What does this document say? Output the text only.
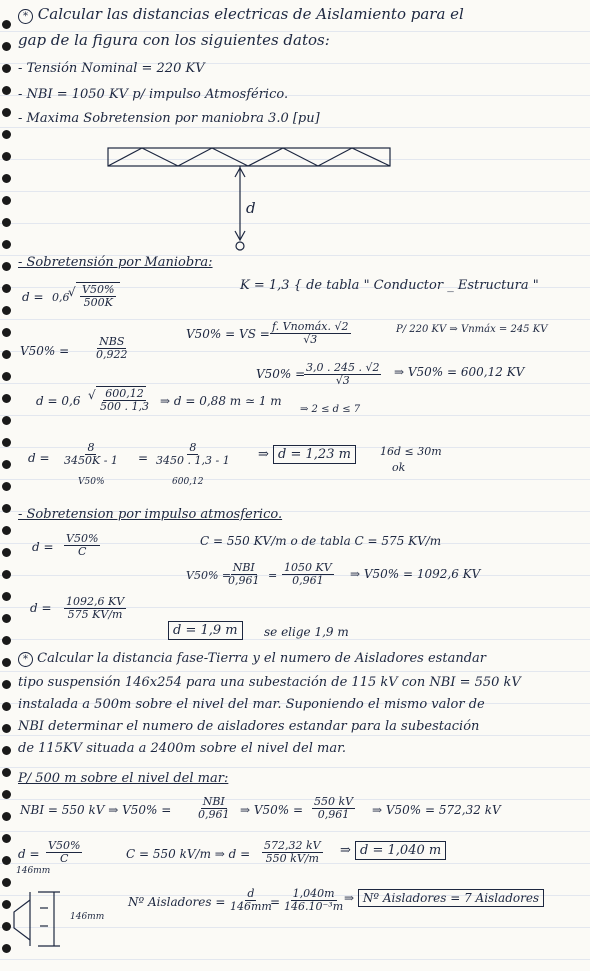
* Calcular las distancias electricas de Aislamiento para el
gap de la figura con los siguientes datos:
- Tensión Nominal = 220 KV
- NBI = 1050 KV p/ impulso Atmosférico.
- Maxima Sobretension por maniobra 3.0 [pu]
d
- Sobretensión por Maniobra:
d = 0,6
√ $\frac{V50\%}{500K}$	K = 1,3 { de tabla " Conductor _ Estructura "
V50% =
NBS
0,922
V50% = VS =
f. Vnomáx. √2
√3
P/ 220 KV ⇒ Vnmáx = 245 KV
V50% =
$\frac{3,0 . 245 . √2}{√3}$ ⇒ V50% = 600,12 KV
d = 0,6 √ $\frac{600,12}{500 . 1,3}$ ⇒ d = 0,88 m ≃ 1 m
⇒ 2 ≤ d ≤ 7
$d = \frac{8}{3450K - 1}$
V50%
= $\frac{8}{3450 . 1,3 - 1}$
600,12
⇒ d = 1,23 m	16d ≤ 30m
ok
- Sobretension por impulso atmosferico.
$d = \frac{V50\%}{C}$	C = 550 KV/m o de tabla C = 575 KV/m
V50% =
NBI
$0,961 = \frac{1050 KV}{0,961}$ ⇒ V50% = 1092,6 KV
$d = \frac{1092,6 KV}{575 KV/m}$
d = 1,9 m	se elige 1,9 m
* Calcular la distancia fase-Tierra y el numero de Aisladores estandar
tipo suspensión 146x254 para una subestación de 115 kV con NBI = 550 kV
instalada a 500m sobre el nivel del mar. Suponiendo el mismo valor de
NBI determinar el numero de aisladores estandar para la subestación
de 115KV situada a 2400m sobre el nivel del mar.
P/ 500 m sobre el nivel del mar:
NBI = 550 kV ⇒ V50% =
NBI
0,961 ⇒ $V50\% = \frac{550 kV}{0,961}$ ⇒ V50% = 572,32 kV
$d = \frac{V50\%}{C}$
146mm
C = 550 kV/m ⇒ $d = \frac{572,32 kV}{550 kV/m}$ ⇒ d = 1,040 m
146mm
Nº Aisladores = $\frac{d}{146mm}$
= $\frac{1,040m}{\text{146.10⁻³m}}$
⇒ Nº Aisladores = 7 Aisladores
